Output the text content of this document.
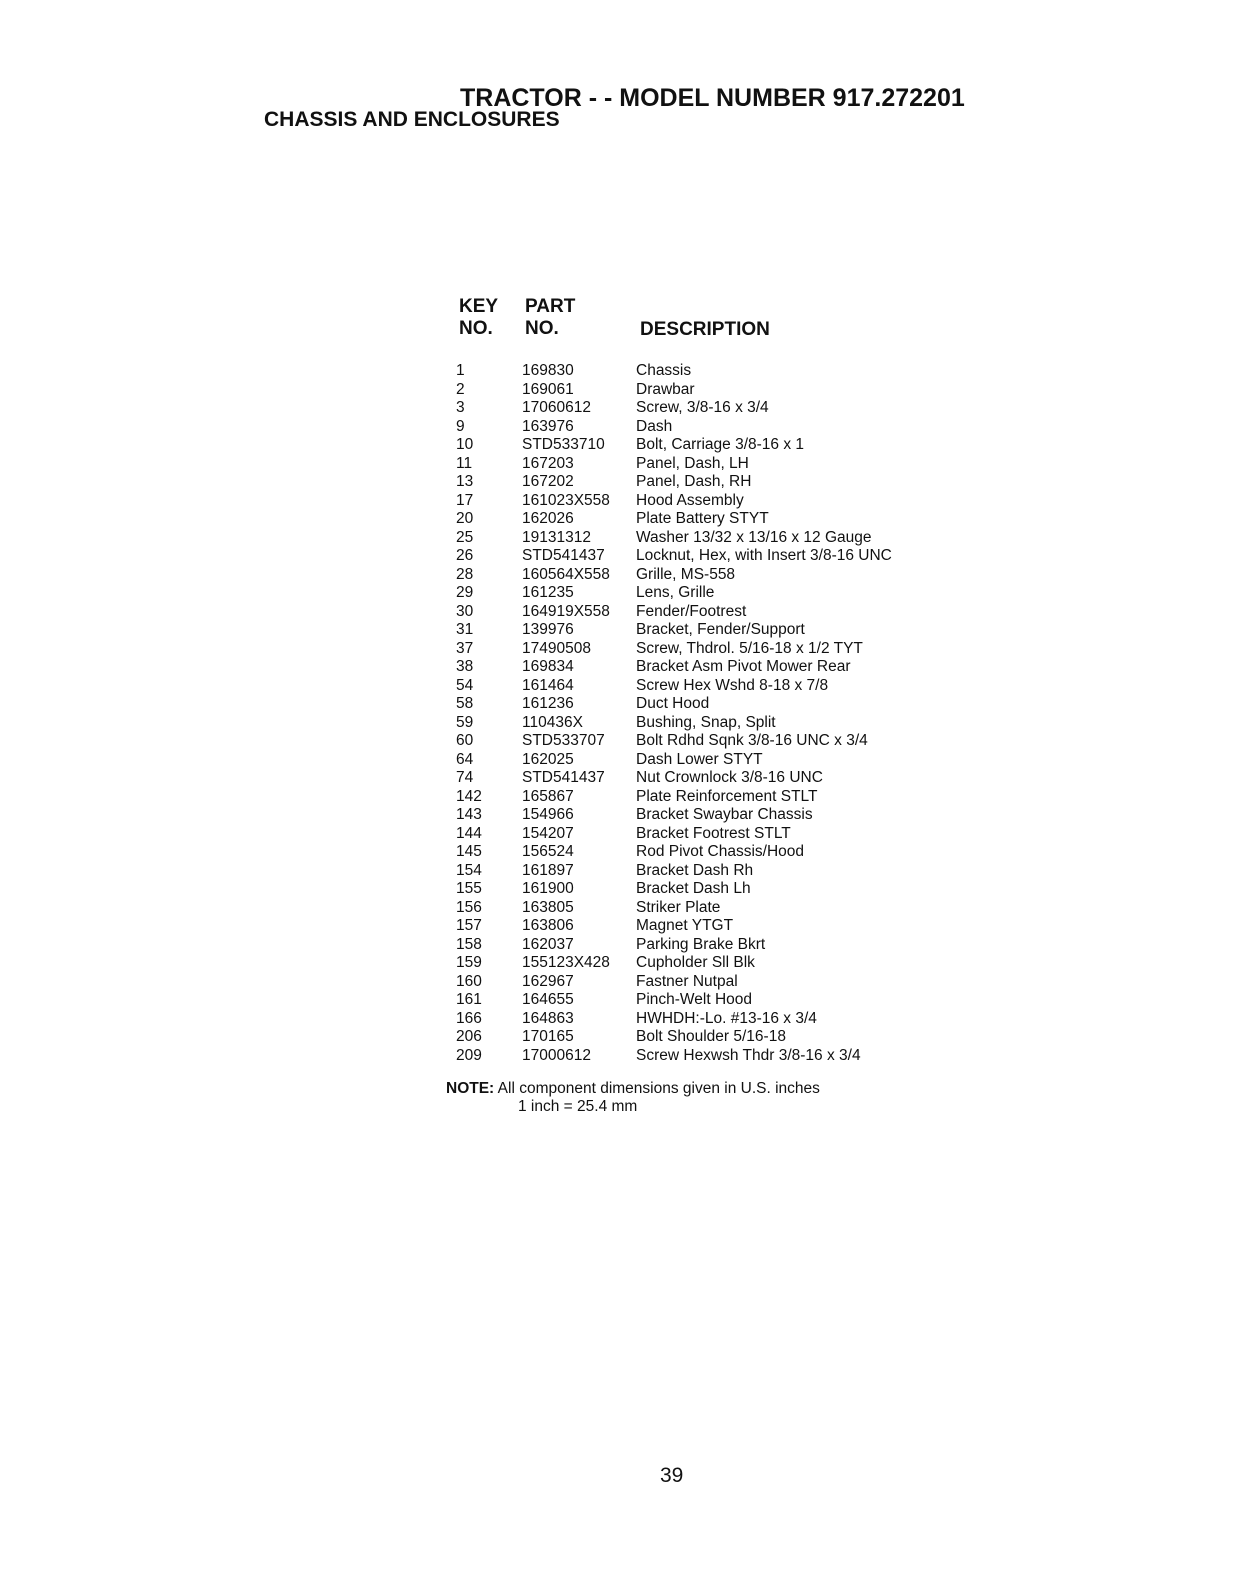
TRACTOR - - MODEL NUMBER 917.272201
CHASSIS AND ENCLOSURES
KEY
NO.
PART
NO.	DESCRIPTION
1	169830	Chassis
2	169061	Drawbar
3	17060612	Screw, 3/8-16 x 3/4
9	163976	Dash
10	STD533710	Bolt, Carriage 3/8-16 x 1
11	167203	Panel, Dash, LH
13	167202	Panel, Dash, RH
17	161023X558	Hood Assembly
20	162026	Plate Battery STYT
25	19131312	Washer 13/32 x 13/16 x 12 Gauge
26	STD541437	Locknut, Hex, with Insert 3/8-16 UNC
28	160564X558	Grille, MS-558
29	161235	Lens, Grille
30	164919X558	Fender/Footrest
31	139976	Bracket, Fender/Support
37	17490508	Screw, Thdrol. 5/16-18 x 1/2 TYT
38	169834	Bracket Asm Pivot Mower Rear
54	161464	Screw Hex Wshd 8-18 x 7/8
58	161236	Duct Hood
59	110436X	Bushing, Snap, Split
60	STD533707	Bolt Rdhd Sqnk 3/8-16 UNC x 3/4
64	162025	Dash Lower STYT
74	STD541437	Nut Crownlock 3/8-16 UNC
142	165867	Plate Reinforcement STLT
143	154966	Bracket Swaybar Chassis
144	154207	Bracket Footrest STLT
145	156524	Rod Pivot Chassis/Hood
154	161897	Bracket Dash Rh
155	161900	Bracket Dash Lh
156	163805	Striker Plate
157	163806	Magnet YTGT
158	162037	Parking Brake Bkrt
159	155123X428	Cupholder Sll Blk
160	162967	Fastner Nutpal
161	164655	Pinch-Welt Hood
166	164863	HWHDH:-Lo. #13-16 x 3/4
206	170165	Bolt Shoulder 5/16-18
209	17000612	Screw Hexwsh Thdr 3/8-16 x 3/4
NOTE: All component dimensions given in U.S. inches
1 inch = 25.4 mm
39
